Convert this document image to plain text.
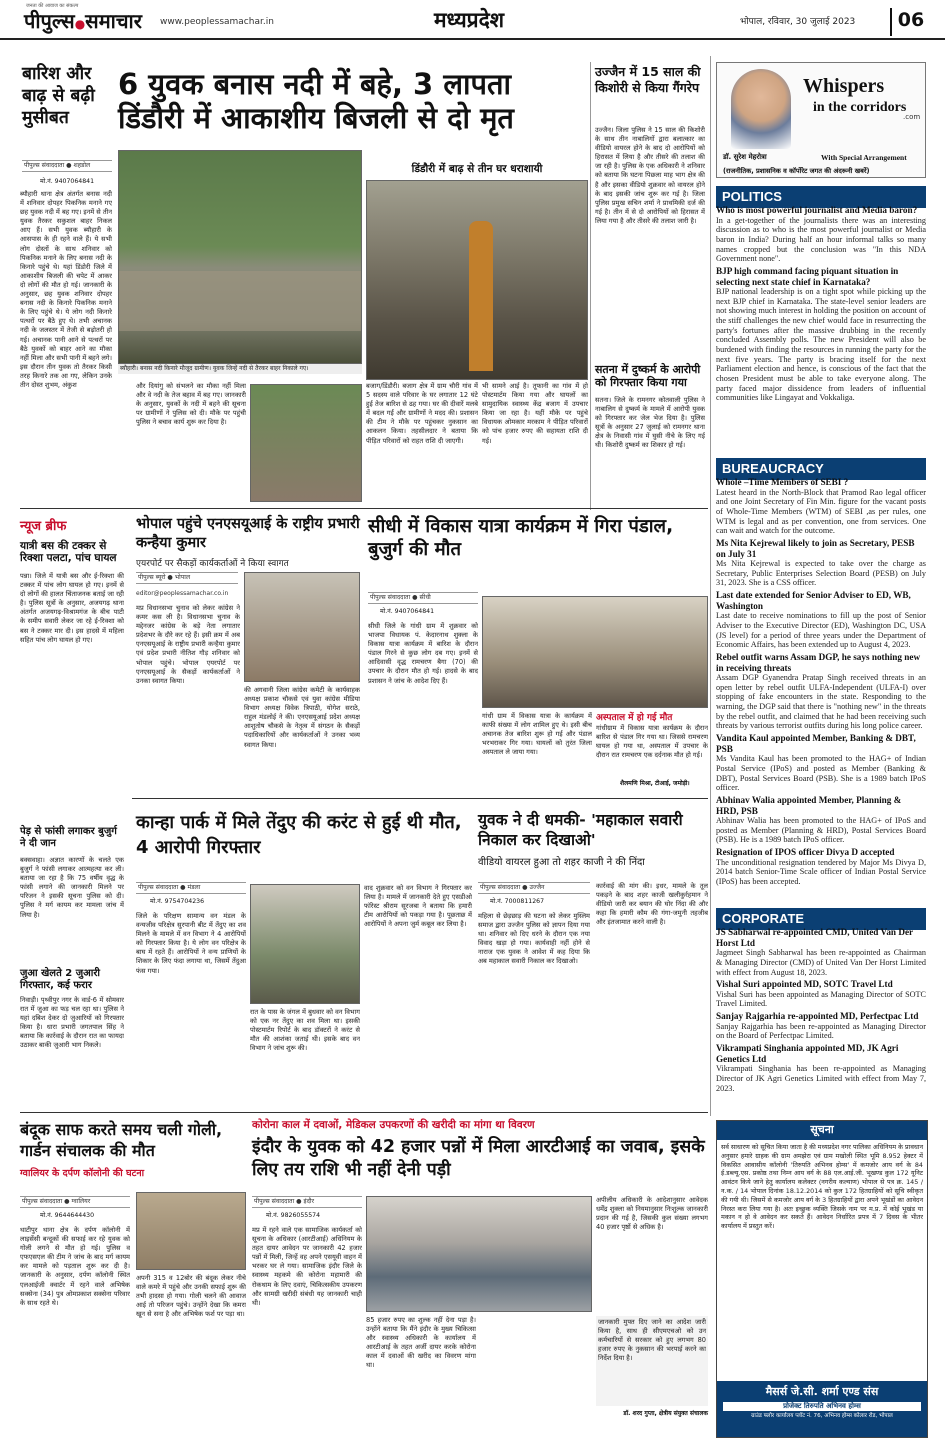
जनता की आवाज का संकल्प
पीपुल्स●समाचार www.peoplessamachar.in	मध्यप्रदेश	भोपाल, रविवार, 30 जुलाई 2023	06
बारिश और बाढ़ से बढ़ी मुसीबत
पीपुल्स संवाददाता ● शहडोल
मो.नं. 9407064841
ब्यौहारी थाना क्षेत्र अंतर्गत बनास नदी में शनिवार दोपहर पिकनिक मनाने गए छह युवक नदी में बह गए। इनमें से तीन युवक तैरकर सकुशल बाहर निकल आए हैं। सभी युवक ब्यौहारी के आसपास के ही रहने वाले हैं। ये सभी लोग दोस्तों के साथ शनिवार को पिकनिक मनाने के लिए बनास नदी के किनारे पहुंचे थे। यहां डिंडोरी जिले में आकाशीय बिजली की चपेट में आकर दो लोगों की मौत हो गई। जानकारी के अनुसार, छह युवक शनिवार दोपहर बनास नदी के किनारे पिकनिक मनाने के लिए पहुंचे थे। ये लोग नदी किनारे पत्थरों पर बैठे हुए थे। तभी अचानक नदी के जलस्तर में तेजी से बढ़ोतरी हो गई। अचानक पानी आने से पत्थरों पर बैठे युवकों को बाहर आने का मौका नहीं मिला और सभी पानी में बहने लगे। इस दौरान तीन युवक तो तैरकर किसी तरह किनारे तक आ गए, लेकिन उनके तीन दोस्त शुभम, अंकुश
6 युवक बनास नदी में बहे, 3 लापता
डिंडौरी में आकाशीय बिजली से दो मृत
ब्यौहारी। बनास नदी किनारे मौजूद ग्रामीण। युवक जिन्हें नदी से तैरकर बाहर निकाले गए।
डिंडौरी में बाढ़ से तीन घर धराशायी
और दियांगु को संभलने का मौका नहीं मिला और वे नदी के तेज बहाव में बह गए। जानकारी के अनुसार, युवकों के नदी में बहने की सूचना पर ग्रामीणों ने पुलिस को दी। मौके पर पहुंची पुलिस ने बचाव कार्य शुरू कर दिया है।
बजाग/डिंडौरी। बजाग क्षेत्र में ग्राम चौरी गांव में 5 सदस्य वाले परिवार के घर लगातार 12 घंटे हुई तेज बारिश से ढह गया। घर की दीवारें मलबे में बदल गईं और ग्रामीणों ने मदद की। प्रशासन की टीम ने मौके पर पहुंचकर नुकसान का आकलन किया। तहसीलदार ने बताया कि पीड़ित परिवारों को राहत राशि दी जाएगी।
भी सामने आई है। तूफानी का गांव में हो पोस्टमार्टम किया गया और घायलों का सामुदायिक स्वास्थ्य केंद्र बजाग में उपचार किया जा रहा है। यहीं मौके पर पहुंचे विधायक ओमकार मरकाम ने पीड़ित परिवारों को पांच हजार रुपए की सहायता राशि दी गई।
उज्जैन में 15 साल की किशोरी से किया गैंगरेप
उज्जैन। जिला पुलिस ने 15 साल की किशोरी के साथ तीन नाबालिगों द्वारा बलात्कार का वीडियो वायरल होने के बाद दो आरोपियों को हिरासत में लिया है और तीसरे की तलाश की जा रही है। पुलिस के एक अधिकारी ने शनिवार को बताया कि घटना पिछला माह भाग क्षेत्र की है और इसका वीडियो शुक्रवार को वायरल होने के बाद इसकी जांच शुरू कर गई है। जिला पुलिस प्रमुख सचिन शर्मा ने प्राथमिकी दर्ज की गई है। तीन में से दो आरोपियों को हिरासत में लिया गया है और तीसरे की तलाश जारी है।
सतना में दुष्कर्म के आरोपी को गिरफ्तार किया गया
सतना। जिले के रामनगर कोतवाली पुलिस ने नाबालिग से दुष्कर्म के मामले में आरोपी युवक को गिरफ्तार कर जेल भेज दिया है। पुलिस सूत्रों के अनुसार 27 जुलाई को रामनगर थाना क्षेत्र के निवासी गांव में घुसी नीचे के लिए गई थी। किशोरी दुष्कर्म का शिकार हो गई।
न्यूज ब्रीफ
यात्री बस की टक्कर से रिक्शा पलटा, पांच घायल
पन्ना। जिले में यात्री बस और ई-रिक्शा की टक्कर में पांच लोग घायल हो गए। इनमें से दो लोगों की हालत चिंताजनक बताई जा रही है। पुलिस सूत्रों के अनुसार, अजयगढ़ थाना अंतर्गत अजयगढ़-विश्रामगंज के बीच पाटी के समीप सवारी लेकर जा रहे ई-रिक्शा को बस ने टक्कर मार दी। इस हादसे में महिला सहित पांच लोग घायल हो गए।
पेड़ से फांसी लगाकर बुजुर्ग ने दी जान
बक्सवाहा। अज्ञात कारणों के चलते एक बुजुर्ग ने फांसी लगाकर आत्महत्या कर ली। बताया जा रहा है कि 75 वर्षीय वृद्ध के फांसी लगाने की जानकारी मिलने पर परिजन ने इसकी सूचना पुलिस को दी। पुलिस ने मर्ग कायम कर मामला जांच में लिया है।
जुआ खेलते 2 जुआरी गिरफ्तार, कई फरार
निवाड़ी। पृथ्वीपुर नगर के वार्ड-6 में सोमवार रात में जुआ का फड़ चल रहा था। पुलिस ने यहां दबिश देकर दो जुआरियों को गिरफ्तार किया है। धारा प्रभारी जगतपाल सिंह ने बताया कि कार्रवाई के दौरान रात का फायदा उठाकर बाकी जुआरी भाग निकले।
भोपाल पहुंचे एनएसयूआई के राष्ट्रीय प्रभारी कन्हैया कुमार
एयरपोर्ट पर सैकड़ों कार्यकर्ताओं ने किया स्वागत
पीपुल्स ब्यूरो ● भोपाल
editor@peoplessamachar.co.in
मप्र विधानसभा चुनाव को लेकर कांग्रेस ने कमर कस ली है। विधानसभा चुनाव के मद्देनजर कांग्रेस के बड़े नेता लगातार प्रदेशभर के दौरे कर रहे हैं। इसी क्रम में अब एनएसयूआई के राष्ट्रीय प्रभारी कन्हैया कुमार एवं प्रदेश प्रभारी नीतिश गौड़ शनिवार को भोपाल पहुंचे। भोपाल एयरपोर्ट पर एनएसयूआई के सैकड़ों कार्यकर्ताओं ने उनका स्वागत किया।
की अगवानी जिला कांग्रेस कमेटी के कार्यवाहक अध्यक्ष प्रकाश चौकसे एवं युवा कांग्रेस मीडिया विभाग अध्यक्ष विवेक त्रिपाठी, योगेश सराठे, राहुल मंडलोई ने की। एनएसयूआई प्रदेश अध्यक्ष आशुतोष चौकसे के नेतृत्व में संगठन के सैकड़ों पदाधिकारियों और कार्यकर्ताओं ने उनका भव्य स्वागत किया।
सीधी में विकास यात्रा कार्यक्रम में गिरा पंडाल, बुजुर्ग की मौत
पीपुल्स संवाददाता ● सीधी
मो.नं. 9407064841
सीधी जिले के गांधी ग्राम में शुक्रवार को भाजपा विधायक पं. केदारनाथ शुक्ला के विकास यात्रा कार्यक्रम में बारिश के दौरान पंडाल गिरने से कुछ लोग दब गए। इनमें से आदिवासी वृद्ध रामचरण बैगा (70) की उपचार के दौरान मौत हो गई। हादसे के बाद प्रशासन ने जांच के आदेश दिए हैं।
गांधी ग्राम में विकास यात्रा के कार्यक्रम में काफी संख्या में लोग शामिल हुए थे। इसी बीच अचानक तेज बारिश शुरू हो गई और पंडाल भरभराकर गिर गया। घायलों को तुरंत जिला अस्पताल ले जाया गया।
अस्पताल में हो गई मौत
गांधीग्राम में विकास यात्रा कार्यक्रम के दौरान बारिश से पंडाल गिर गया था। जिससे रामचरण घायल हो गया था, अस्पताल में उपचार के दौरान रात रामचरण एक दर्दनाक मौत हो गई।
शैलमणि मिश्रा, टीआई, जमोड़ी।
कान्हा पार्क में मिले तेंदुए की करंट से हुई थी मौत, 4 आरोपी गिरफ्तार
पीपुल्स संवाददाता ● मंडला
मो.नं. 9754704236
जिले के परिक्षण सामान्य वन मंडल के वन्यजीव परिक्षेत्र सुरपानी बीट में तेंदुए का शव मिलने के मामले में वन विभाग ने 4 आरोपियों को गिरफ्तार किया है। ये लोग वन परिक्षेत्र के बाघ में रहते हैं। आरोपियों ने वन्य प्राणियों के शिकार के लिए फंदा लगाया था, जिसमें तेंदुआ फंस गया।
रात के पास के जंगल में बुधवार को वन विभाग को एक नर तेंदुए का शव मिला था। इसकी पोस्टमार्टम रिपोर्ट के बाद डॉक्टरों ने करंट से मौत की आशंका जताई थी। इसके बाद वन विभाग ने जांच शुरू की।
वाद शुक्रवार को वन विभाग ने गिरफ्तार कर लिया है। मामले में जानकारी देते हुए एसडीओ फॉरेस्ट श्रीराम सूरजबा ने बताया कि हमारी टीम आरोपियों को पकड़ा गया है। पूछताछ में आरोपियों ने अपना जुर्म कबूल कर लिया है।
युवक ने दी धमकी- 'महाकाल सवारी निकाल कर दिखाओ'
वीडियो वायरल हुआ तो शहर काजी ने की निंदा
पीपुल्स संवाददाता ● उज्जैन
मो.नं. 7000811267
महिला से छेड़छाड़ की घटना को लेकर मुस्लिम समाज द्वारा उज्जैन पुलिस को ज्ञापन दिया गया था। शनिवार को दिए धरने के दौरान एक नया विवाद खड़ा हो गया। कार्यवाही नहीं होने से नाराज एक युवक ने आवेश में कह दिया कि अब महाकाल सवारी निकाल कर दिखाओ।
कार्रवाई की मांग की। इधर, मामले के तूल पकड़ने के बाद शहर काजी खलीकुर्रहमान ने वीडियो जारी कर बयान की घोर निंदा की और कहा कि हमारी कौम की गंगा-जमुनी तहजीब और इंतजामात करने वाली है।
बंदूक साफ करते समय चली गोली, गार्डन संचालक की मौत
ग्वालियर के दर्पण कॉलोनी की घटना
पीपुल्स संवाददाता ● ग्वालियर
मो.नं. 9644644430
थाटीपुर थाना क्षेत्र के दर्पण कॉलोनी में लाइसेंसी बन्दूकों की सफाई कर रहे युवक को गोली लगने से मौत हो गई। पुलिस व एफएसएल की टीम ने जांच के बाद मर्ग कायम कर मामले को पड़ताल शुरू कर दी है। जानकारी के अनुसार, दर्पण कॉलोनी स्थित एलआईजी क्वार्टर में रहने वाले अभिषेक सक्सेना (34) पुत्र ओमप्रकाश सक्सेना परिवार के साथ रहते थे।
अपनी 315 व 12बोर की बंदूक लेकर नीचे वाले कमरे में पहुंचे और उनकी सफाई शुरू की तभी हादसा हो गया। गोली चलने की आवाज आई तो परिजन पहुंचे। उन्होंने देखा कि कमरा खून से सना है और अभिषेक फर्श पर पड़ा था।
कोरोना काल में दवाओं, मेडिकल उपकरणों की खरीदी का मांगा था विवरण
इंदौर के युवक को 42 हजार पन्नों में मिला आरटीआई का जवाब, इसके लिए तय राशि भी नहीं देनी पड़ी
पीपुल्स संवाददाता ● इंदौर
मो.नं. 9826055574
मप्र में रहने वाले एक सामाजिक कार्यकर्ता को सूचना के अधिकार (आरटीआई) अधिनियम के तहत दायर आवेदन पर जानकारी 42 हजार पन्नों में मिली, जिन्हें वह अपने एसयूवी वाहन में भरकर घर ले गया। सामाजिक इंदौर जिले के स्वास्थ्य महकमे की कोरोना महामारी की रोकथाम के लिए दवाएं, चिकित्सकीय उपकरण और सामग्री खरीदी संबंधी यह जानकारी चाही थी।
85 हजार रुपए का शुल्क नहीं देना पड़ा है। उन्होंने बताया कि मैंने इंदौर के मुख्य चिकित्सा और स्वास्थ्य अधिकारी के कार्यालय में आरटीआई के तहत अर्जी दायर करके कोरोना काल में दवाओं की खरीद का विवरण मांगा था।
अपीलीय अधिकारी के आदेशानुसार आवेदक धर्मेंद्र शुक्ला को नियमानुसार निःशुल्क जानकारी प्रदान की गई है, जिसकी कुल संख्या लगभग 40 हजार पृष्ठों से अधिक है।
जानकारी मुफ्त दिए जाने का आदेश जारी किया है, साथ ही सीएमएचओ को उन कर्मचारियों से सरकार को हुए लगभग 80 हजार रुपए के नुकसान की भरपाई करने का निर्देश दिया है।
डॉ. शरद गुप्ता, क्षेत्रीय संयुक्त संचालक
Whispers
in the corridors
.com
डॉ. सुरेश मेहरोत्रा	With Special Arrangement
(राजनीतिक, प्रशासनिक व कॉर्पोरेट जगत की अंदरूनी खबरें)
POLITICS
Who is most powerful journalist and Media baron?
In a get-together of the journalists there was an interesting discussion as to who is the most powerful journalist or Media baron in India? During half an hour informal talks so many names cropped but the conclusion was "In this NDA Government none".
BJP high command facing piquant situation in selecting next state chief in Karnataka?
BJP national leadership is on a tight spot while picking up the next BJP chief in Karnataka. The state-level senior leaders are not showing much interest in holding the position on account of the stiff challenges the new chief would face in resurrecting the party's fortunes after the massive drubbing in the recently concluded Assembly polls. The new President will also be burdened with finding the resources in running the party for the next five years. The party is bracing itself for the next Parliament election and hence, is conscious of the fact that the chosen President must be able to take everyone along. The party faced major dissidence from leaders of influential communities like Lingayat and Vokkaliga.
BUREAUCRACY
Whole –Time Members of SEBI ?
Latest heard in the North-Block that Pramod Rao legal officer and one Joint Secretary of Fin Min. figure for the vacant posts of Whole-Time Members (WTM) of SEBI ,as per rules, one WTM is legal and as per convention, one from services. One can wait and watch for the outcome.
Ms Nita Kejrewal likely to join as Secretary, PESB on July 31
Ms Nita Kejrewal is expected to take over the charge as Secretary, Public Enterprises Selection Board (PESB) on July 31, 2023. She is a CSS officer.
Last date extended for Senior Adviser to ED, WB, Washington
Last date to receive nominations to fill up the post of Senior Adviser to the Executive Director (ED), Washington DC, USA (JS level) for a period of three years under the Department of Economic Affairs, has been extended up to August 4, 2023.
Rebel outfit warns Assam DGP, he says nothing new in receiving threats
Assam DGP Gyanendra Pratap Singh received threats in an open letter by rebel outfit ULFA-Independent (ULFA-I) over stopping of fake encounters in the state. Responding to the warning, the DGP said that there is "nothing new" in the threats by the rebel outfit, and claimed that he had been receiving such threats by various terrorist outfits during his long police career.
Vandita Kaul appointed Member, Banking & DBT, PSB
Ms Vandita Kaul has been promoted to the HAG+ of Indian Postal Service (IPoS) and posted as Member (Banking & DBT), Postal Services Board (PSB). She is a 1989 batch IPoS officer.
Abhinav Walia appointed Member, Planning & HRD, PSB
Abhinav Walia has been promoted to the HAG+ of IPoS and posted as Member (Planning & HRD), Postal Services Board (PSB). He is a 1989 batch IPoS officer.
Resignation of IPOS officer Divya D accepted
The unconditional resignation tendered by Major Ms Divya D, 2014 batch Senior-Time Scale officer of Indian Postal Service (IPoS) has been accepted.
CORPORATE
JS Sabharwal re-appointed CMD, United Van Der Horst Ltd
Jagmeet Singh Sabharwal has been re-appointed as Chairman & Managing Director (CMD) of United Van Der Horst Limited with effect from August 18, 2023.
Vishal Suri appointed MD, SOTC Travel Ltd
Vishal Suri has been appointed as Managing Director of SOTC Travel Limited.
Sanjay Rajgarhia re-appointed MD, Perfectpac Ltd
Sanjay Rajgarhia has been re-appointed as Managing Director on the Board of Perfectpac Limited.
Vikrampati Singhania appointed MD, JK Agri Genetics Ltd
Vikrampati Singhania has been re-appointed as Managing Director of JK Agri Genetics Limited with effect from May 7, 2023.
सूचना
सर्व साधारण को सूचित किया जाता है की मध्यप्रदेश नगर पालिका अधिनियम के प्रावधान अनुसार हमारे ग्राहक की ग्राम अमझेरा एवं ग्राम मखोली स्थित भूमि 8.952 हेक्टर में विकसित आवासीय कॉलोनी 'तिरुपति अभिनव होम्स' में कमजोर आय वर्ग के 84 ई.डब्ल्यू.एस. प्रकोष्ठ तथा निम्न आय वर्ग के 88 एल.आई.जी. भूखण्ड कुल 172 यूनिट आवंटन किये जाने हेतु कार्यालय कलेक्टर (नगरीय कल्याण) भोपाल से पत्र क्र. 145 / न.क. / 14 भोपाल दिनांक 18.12.2014 को कुल 172 हितग्राहियों को सूचि स्वीकृत की गयी थी। जिसमें से कमजोर आय वर्ग के 3 हितग्राहियों द्वारा अपने भूखंडों का आवेदन निरस्त करा लिया गया है। अतः इच्छुक व्यक्ति जिसके नाम पर म.प्र. में कोई भूखंड या मकान न हो वे आवेदन कर सकते हैं। आवेदन निर्धारित प्रपत्र में 7 दिवस के भीतर कार्यालय में प्रस्तुत करें।
मैसर्स जे.सी. शर्मा एण्ड संस
प्रोजेक्ट तिरुपति अभिनव होम्स
ग्राउंड फ्लोर कार्यालय प्लॉट नं. 76, अभिनव होम्स कोलार रोड, भोपाल
